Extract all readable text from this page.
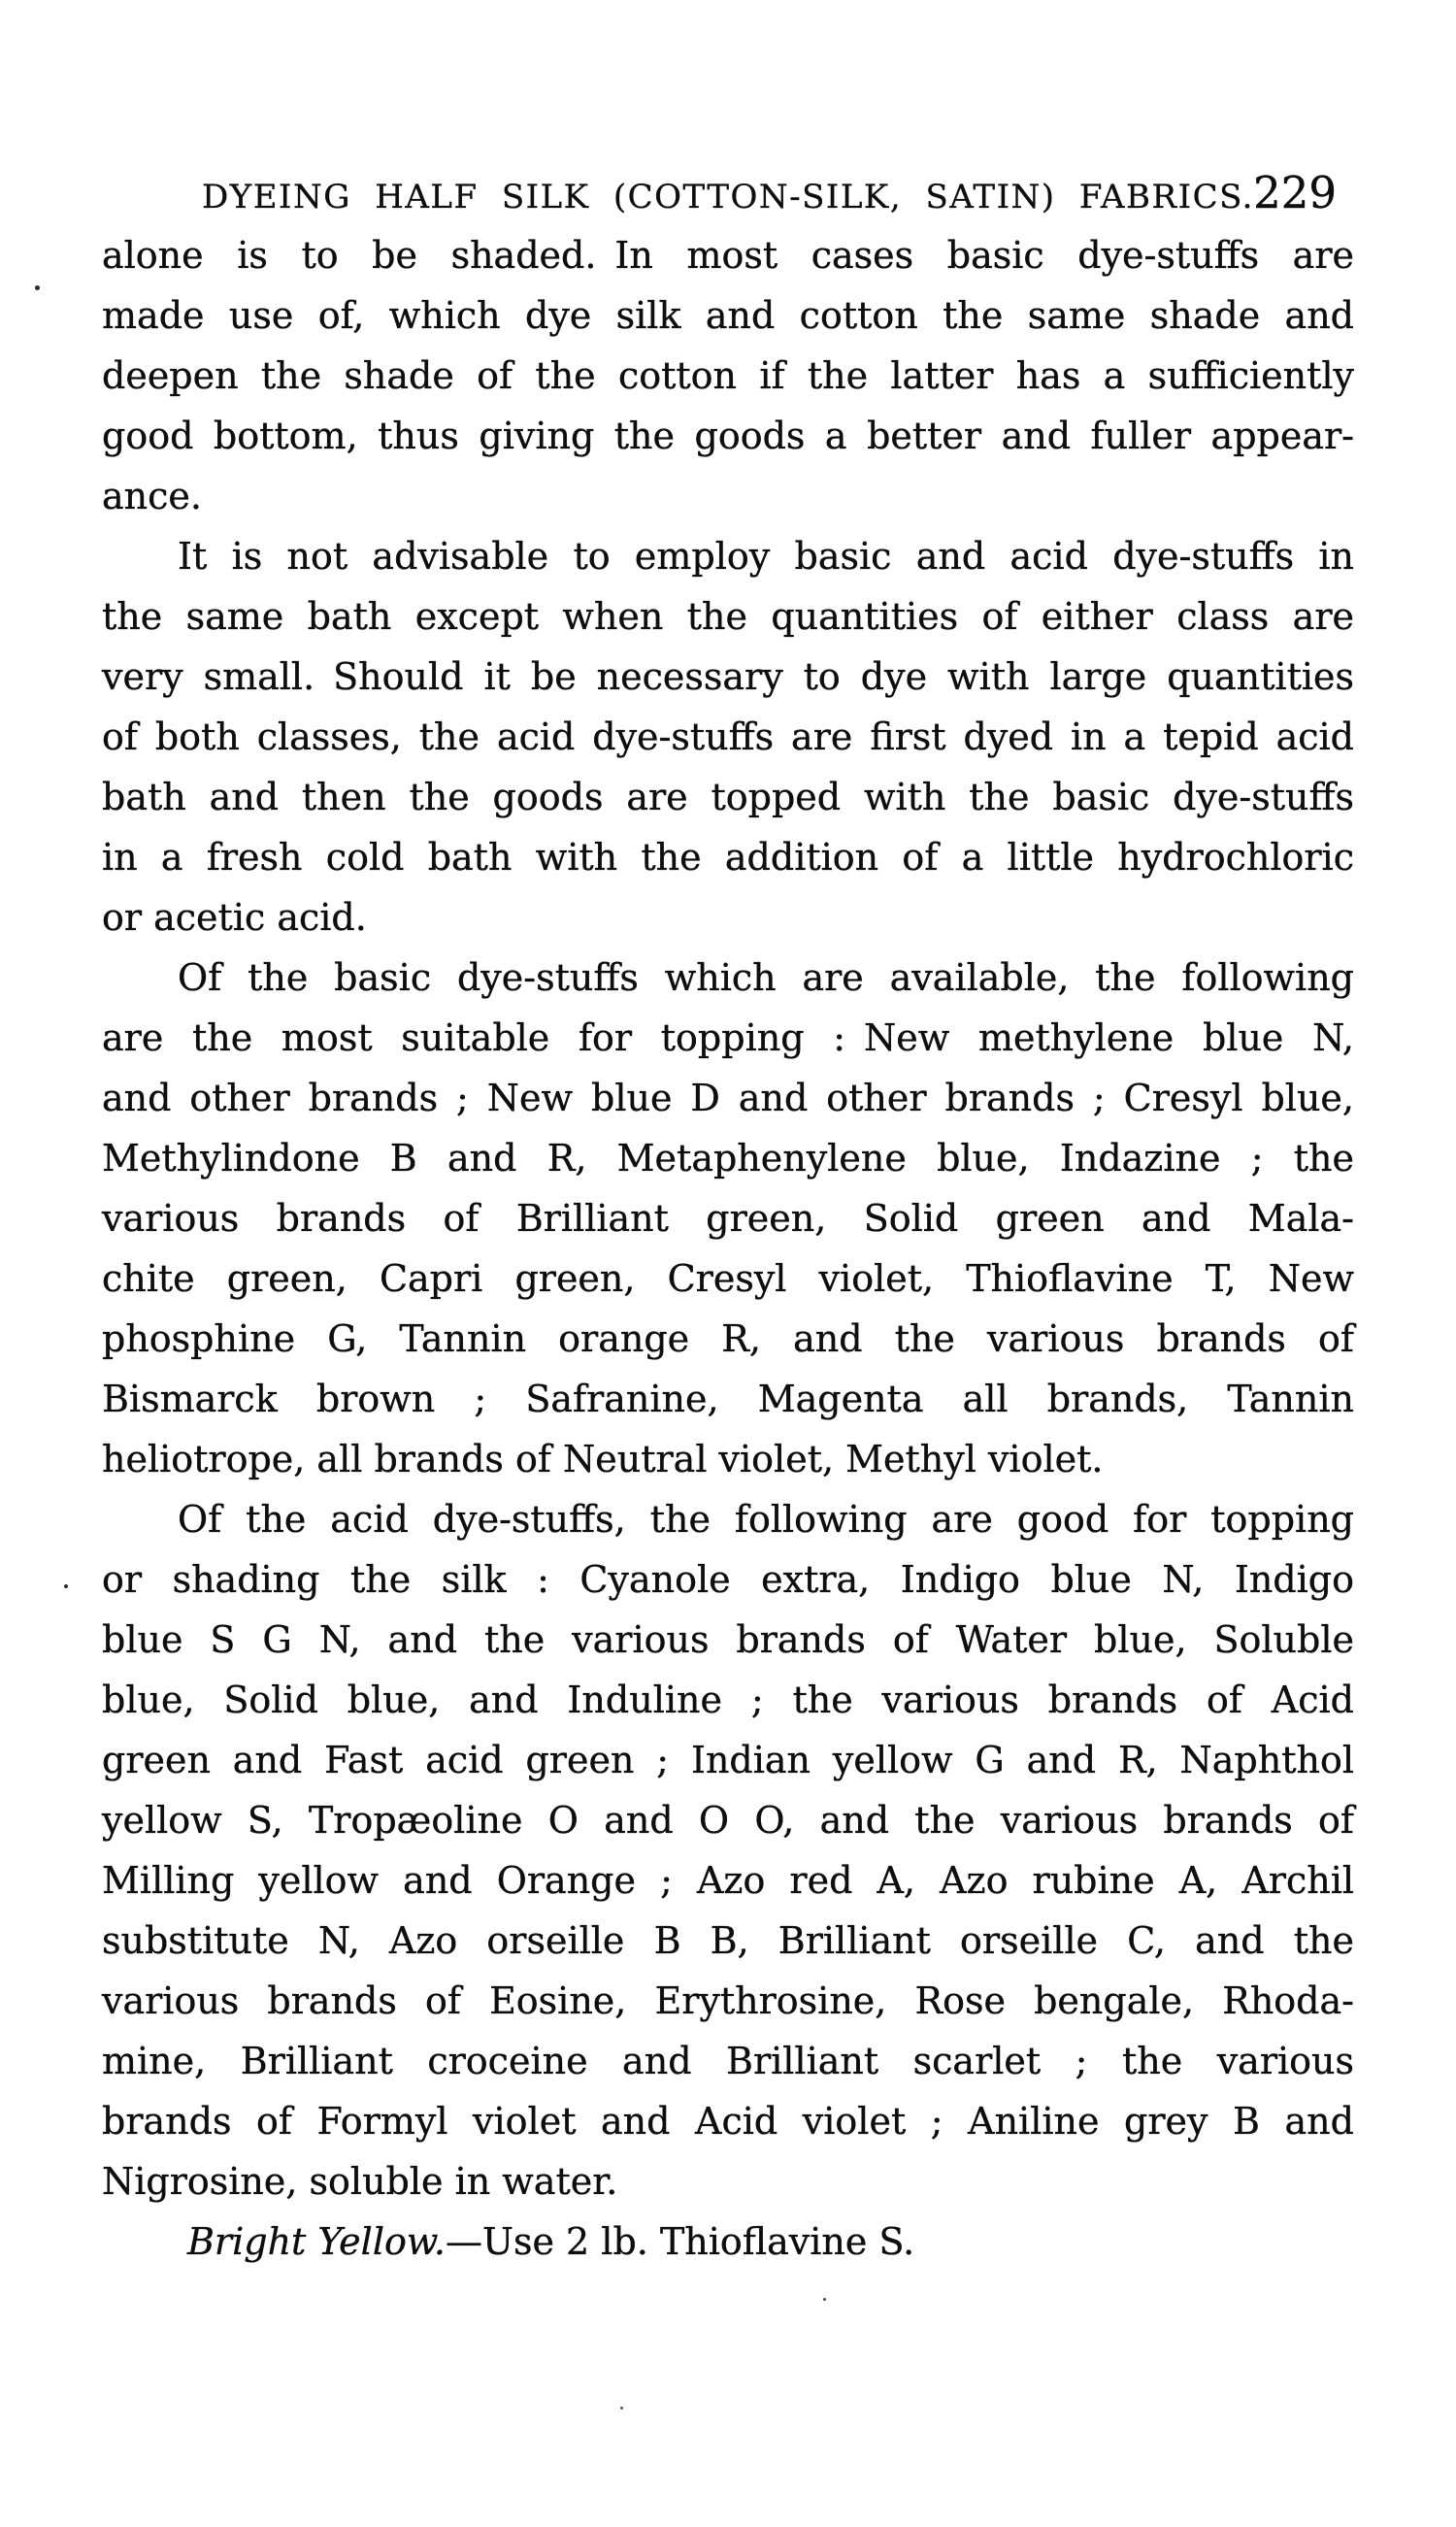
DYEING HALF SILK (COTTON-SILK, SATIN) FABRICS. 229
alone is to be shaded. In most cases basic dye-stuffs are
made use of, which dye silk and cotton the same shade and
deepen the shade of the cotton if the latter has a sufficiently
good bottom, thus giving the goods a better and fuller appear-
ance.
It is not advisable to employ basic and acid dye-stuffs in
the same bath except when the quantities of either class are
very small. Should it be necessary to dye with large quantities
of both classes, the acid dye-stuffs are first dyed in a tepid acid
bath and then the goods are topped with the basic dye-stuffs
in a fresh cold bath with the addition of a little hydrochloric
or acetic acid.
Of the basic dye-stuffs which are available, the following
are the most suitable for topping : New methylene blue N,
and other brands ; New blue D and other brands ; Cresyl blue,
Methylindone B and R, Metaphenylene blue, Indazine ; the
various brands of Brilliant green, Solid green and Mala-
chite green, Capri green, Cresyl violet, Thioflavine T, New
phosphine G, Tannin orange R, and the various brands of
Bismarck brown ; Safranine, Magenta all brands, Tannin
heliotrope, all brands of Neutral violet, Methyl violet.
Of the acid dye-stuffs, the following are good for topping
or shading the silk : Cyanole extra, Indigo blue N, Indigo
blue S G N, and the various brands of Water blue, Soluble
blue, Solid blue, and Induline ; the various brands of Acid
green and Fast acid green ; Indian yellow G and R, Naphthol
yellow S, Tropæoline O and O O, and the various brands of
Milling yellow and Orange ; Azo red A, Azo rubine A, Archil
substitute N, Azo orseille B B, Brilliant orseille C, and the
various brands of Eosine, Erythrosine, Rose bengale, Rhoda-
mine, Brilliant croceine and Brilliant scarlet ; the various
brands of Formyl violet and Acid violet ; Aniline grey B and
Nigrosine, soluble in water.
Bright Yellow.—Use 2 lb. Thioflavine S.
